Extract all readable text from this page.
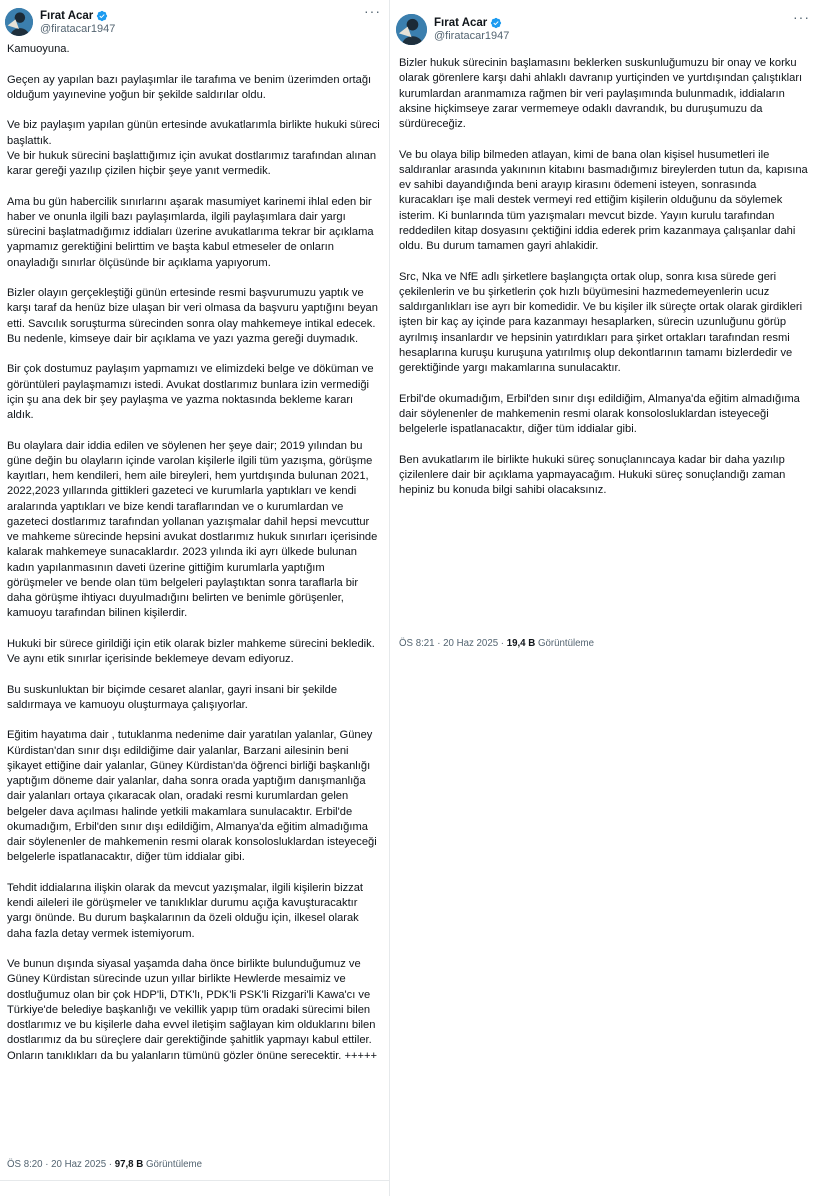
Fırat Acar
@firatacar1947
···
Kamuoyuna.

Geçen ay yapılan bazı paylaşımlar ile tarafıma ve benim üzerimden ortağı olduğum yayınevine yoğun bir şekilde saldırılar oldu.

Ve biz paylaşım yapılan günün ertesinde avukatlarımla birlikte hukuki süreci başlattık.
Ve bir hukuk sürecini başlattığımız için avukat dostlarımız tarafından alınan karar gereği yazılıp çizilen hiçbir şeye yanıt vermedik.

Ama bu gün habercilik sınırlarını aşarak masumiyet karinemi ihlal eden bir haber ve onunla ilgili bazı paylaşımlarda, ilgili paylaşımlara dair yargı sürecini başlatmadığımız iddiaları üzerine avukatlarıma tekrar bir açıklama yapmamız gerektiğini belirttim ve başta kabul etmeseler de onların onayladığı sınırlar ölçüsünde bir açıklama yapıyorum.

Bizler olayın gerçekleştiği günün ertesinde resmi başvurumuzu yaptık ve karşı taraf da henüz bize ulaşan bir veri olmasa da başvuru yaptığını beyan etti. Savcılık soruşturma sürecinden sonra olay mahkemeye intikal edecek. Bu nedenle, kimseye dair bir açıklama ve yazı yazma gereği duymadık.

Bir çok dostumuz paylaşım yapmamızı ve elimizdeki belge ve döküman ve görüntüleri paylaşmamızı istedi. Avukat dostlarımız bunlara izin vermediği için şu ana dek bir şey paylaşma ve yazma noktasında bekleme kararı aldık.

Bu olaylara dair iddia edilen ve söylenen her şeye dair; 2019 yılından bu güne değin bu olayların içinde varolan kişilerle ilgili tüm yazışma, görüşme kayıtları, hem kendileri, hem aile bireyleri, hem yurtdışında bulunan 2021, 2022,2023 yıllarında gittikleri gazeteci ve kurumlarla yaptıkları ve kendi aralarında yaptıkları ve bize kendi taraflarından ve o kurumlardan ve gazeteci dostlarımız tarafından yollanan yazışmalar dahil hepsi mevcuttur ve mahkeme sürecinde hepsini avukat dostlarımız hukuk sınırları içerisinde kalarak mahkemeye sunacaklardır. 2023 yılında iki ayrı ülkede bulunan kadın yapılanmasının daveti üzerine gittiğim kurumlarla yaptığım görüşmeler ve bende olan tüm belgeleri paylaştıktan sonra taraflarla bir daha görüşme ihtiyacı duyulmadığını belirten ve benimle görüşenler, kamuoyu tarafından bilinen kişilerdir.

Hukuki bir sürece girildiği için etik olarak bizler mahkeme sürecini bekledik. Ve aynı etik sınırlar içerisinde beklemeye devam ediyoruz.

Bu suskunluktan bir biçimde cesaret alanlar, gayri insani bir şekilde saldırmaya ve kamuoyu oluşturmaya çalışıyorlar.

Eğitim hayatıma dair , tutuklanma nedenime dair yaratılan yalanlar, Güney Kürdistan'dan sınır dışı edildiğime dair yalanlar, Barzani ailesinin beni şikayet ettiğine dair yalanlar, Güney Kürdistan'da öğrenci birliği başkanlığı yaptığım döneme dair yalanlar, daha sonra orada yaptığım danışmanlığa dair yalanları ortaya çıkaracak olan, oradaki resmi kurumlardan gelen belgeler dava açılması halinde yetkili makamlara sunulacaktır. Erbil'de okumadığım, Erbil'den sınır dışı edildiğim, Almanya'da eğitim almadığıma dair söylenenler de mahkemenin resmi olarak konsolosluklardan isteyeceği belgelerle ispatlanacaktır, diğer tüm iddialar gibi.

Tehdit iddialarına ilişkin olarak da mevcut yazışmalar, ilgili kişilerin bizzat kendi aileleri ile görüşmeler ve tanıklıklar durumu açığa kavuşturacaktır yargı önünde. Bu durum başkalarının da özeli olduğu için, ilkesel olarak daha fazla detay vermek istemiyorum.

Ve bunun dışında siyasal yaşamda daha önce birlikte bulunduğumuz ve Güney Kürdistan sürecinde uzun yıllar birlikte Hewlerde mesaimiz ve dostluğumuz olan bir çok HDP'li, DTK'lı, PDK'li PSK'li Rizgari'li Kawa'cı ve Türkiye'de belediye başkanlığı ve vekillik yapıp tüm oradaki sürecimi bilen dostlarımız ve bu kişilerle daha evvel iletişim sağlayan kim olduklarını bilen dostlarımız da bu süreçlere dair gerektiğinde şahitlik yapmayı kabul ettiler. Onların tanıklıkları da bu yalanların tümünü gözler önüne serecektir. +++++
ÖS 8:20 · 20 Haz 2025 · 97,8 B Görüntüleme
Fırat Acar
@firatacar1947
···
Bizler hukuk sürecinin başlamasını beklerken suskunluğumuzu bir onay ve korku olarak görenlere karşı dahi ahlaklı davranıp yurtiçinden ve yurtdışından çalıştıkları kurumlardan aranmamıza rağmen bir veri paylaşımında bulunmadık, iddiaların aksine hiçkimseye zarar vermemeye odaklı davrandık, bu duruşumuzu da sürdüreceğiz.

Ve bu olaya bilip bilmeden atlayan, kimi de bana olan kişisel husumetleri ile saldıranlar arasında yakınının kitabını basmadığımız bireylerden tutun da, kapısına ev sahibi dayandığında beni arayıp kirasını ödemeni isteyen, sonrasında kuracakları işe mali destek vermeyi red ettiğim kişilerin olduğunu da söylemek isterim. Ki bunlarında tüm yazışmaları mevcut bizde. Yayın kurulu tarafından reddedilen kitap dosyasını çektiğini iddia ederek prim kazanmaya çalışanlar dahi oldu. Bu durum tamamen gayri ahlakidir.

Src, Nka ve NfE adlı şirketlere başlangıçta ortak olup, sonra kısa sürede geri çekilenlerin ve bu şirketlerin çok hızlı büyümesini hazmedemeyenlerin ucuz saldırganlıkları ise ayrı bir komedidir. Ve bu kişiler ilk süreçte ortak olarak girdikleri işten bir kaç ay içinde para kazanmayı hesaplarken, sürecin uzunluğunu görüp ayrılmış insanlardır ve hepsinin yatırdıkları para şirket ortakları tarafından resmi hesaplarına kuruşu kuruşuna yatırılmış olup dekontlarının tamamı bizlerdedir ve gerektiğinde yargı makamlarına sunulacaktır.

Erbil'de okumadığım, Erbil'den sınır dışı edildiğim, Almanya'da eğitim almadığıma dair söylenenler de mahkemenin resmi olarak konsolosluklardan isteyeceği belgelerle ispatlanacaktır, diğer tüm iddialar gibi.

Ben avukatlarım ile birlikte hukuki süreç sonuçlanıncaya kadar bir daha yazılıp çizilenlere dair bir açıklama yapmayacağım. Hukuki süreç sonuçlandığı zaman hepiniz bu konuda bilgi sahibi olacaksınız.
ÖS 8:21 · 20 Haz 2025 · 19,4 B Görüntüleme
